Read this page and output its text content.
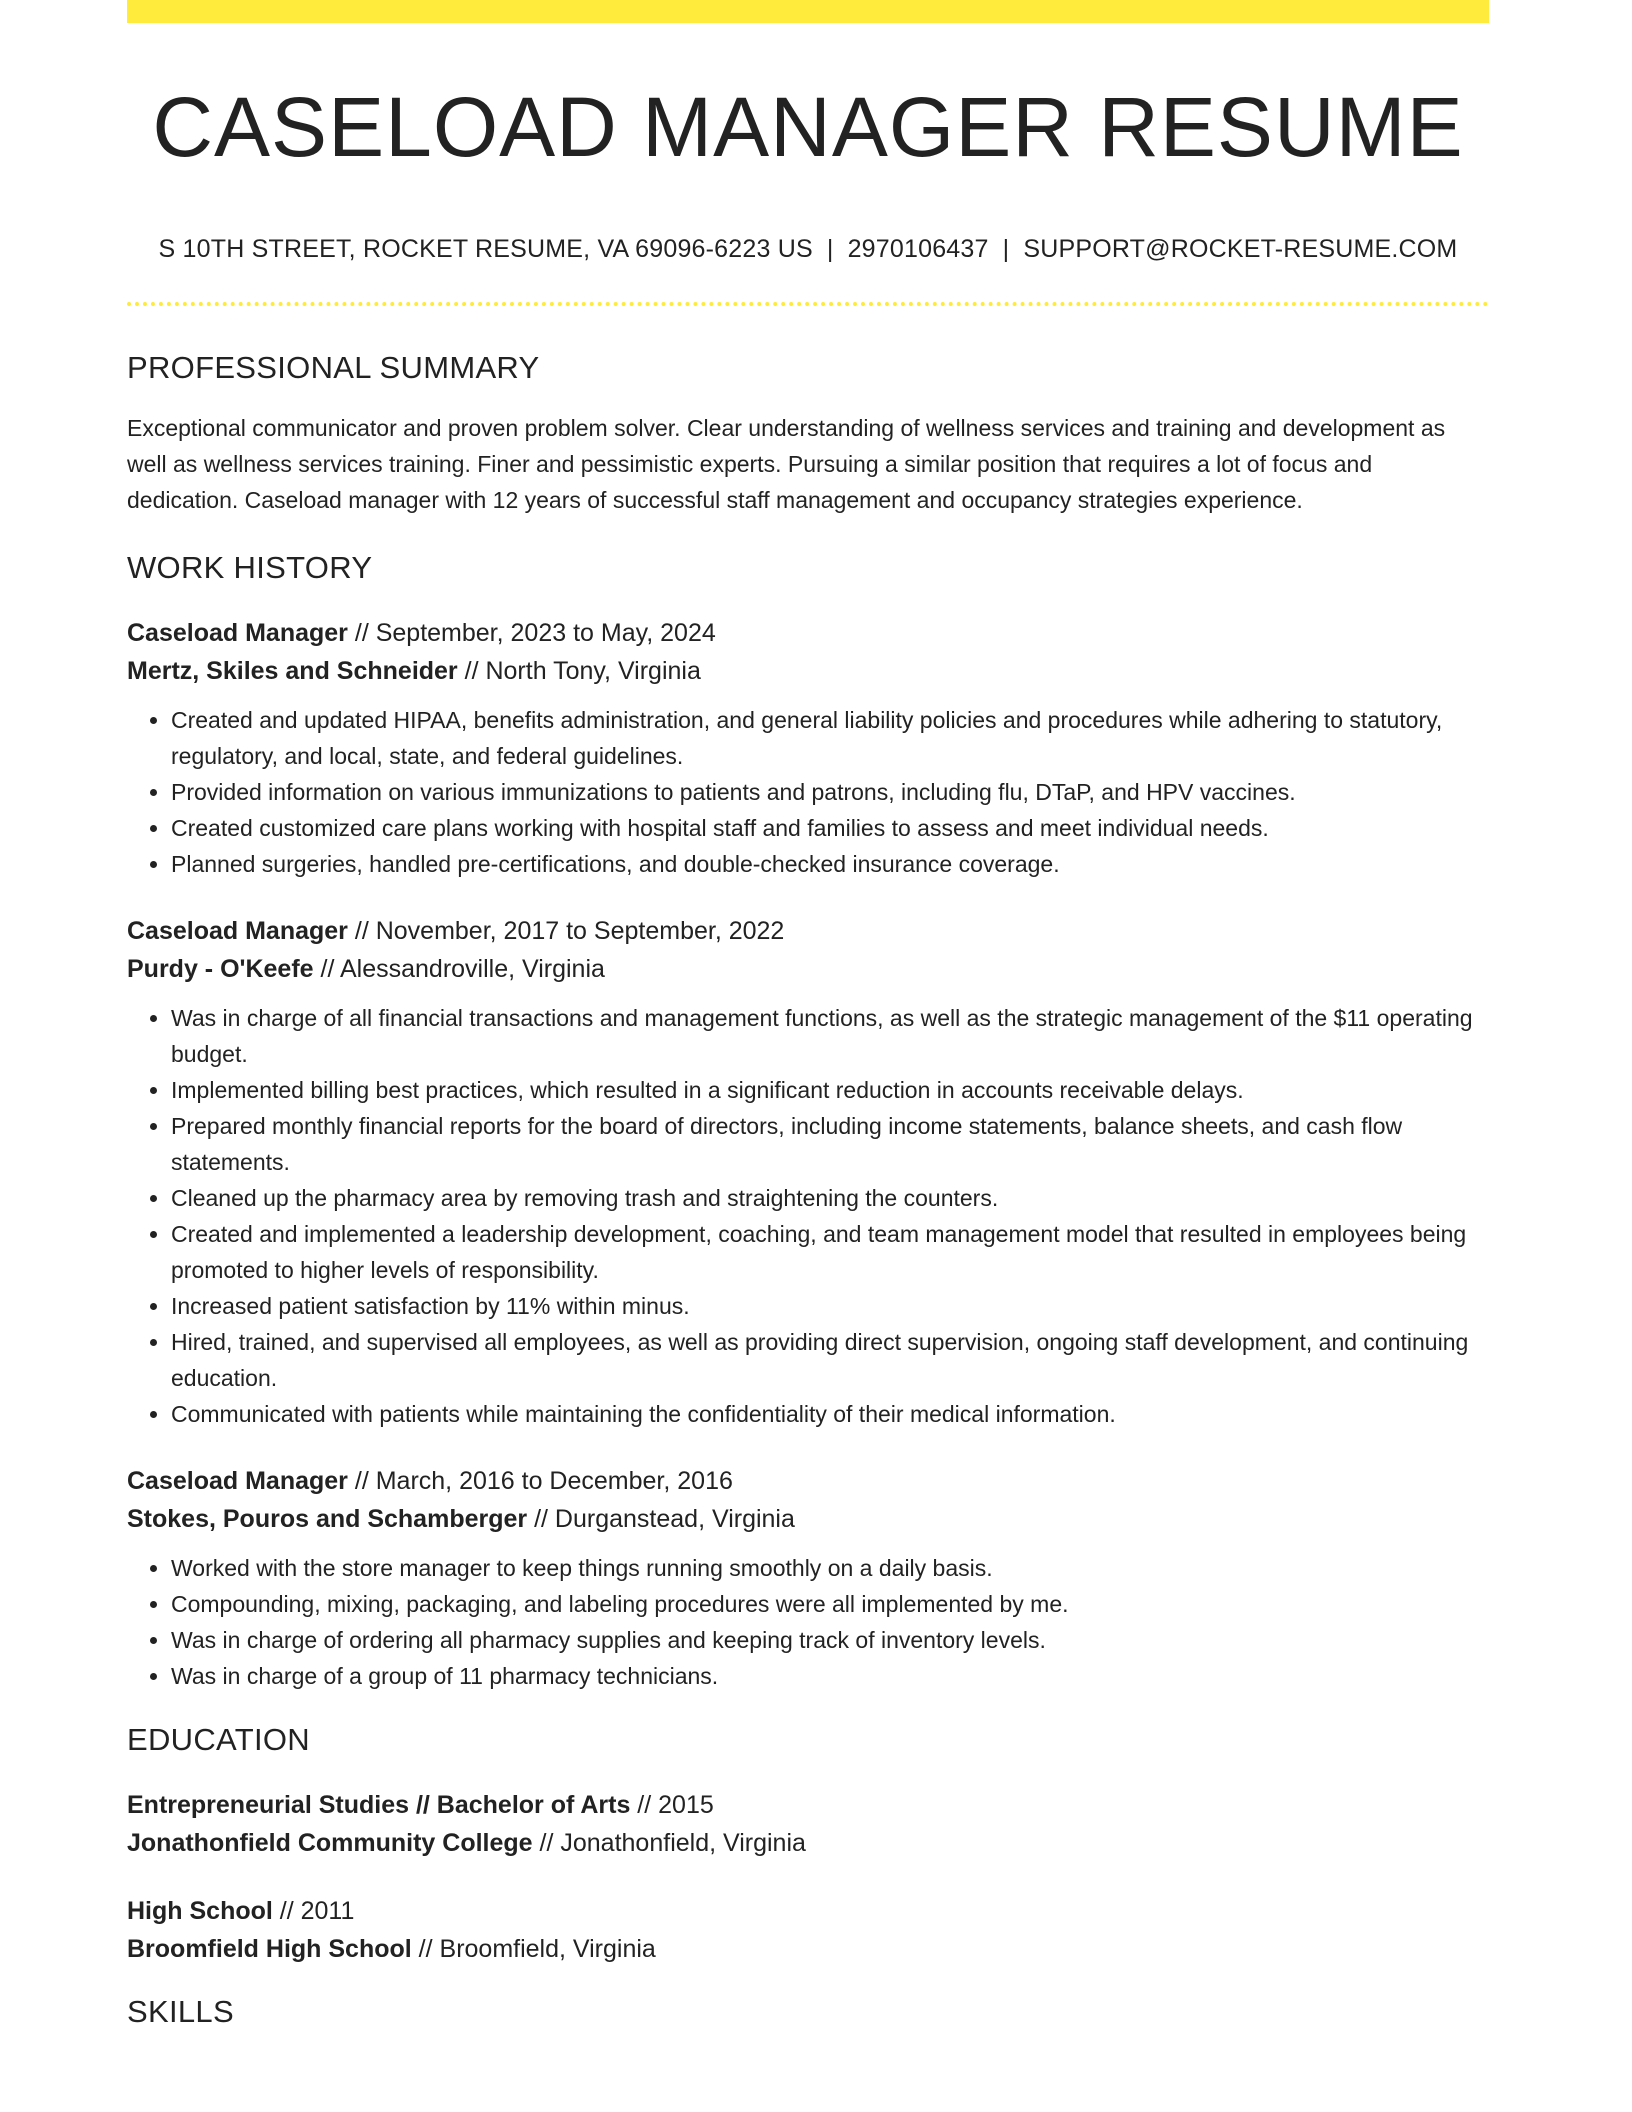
CASELOAD MANAGER RESUME
S 10TH STREET, ROCKET RESUME, VA 69096-6223 US | 2970106437 | SUPPORT@ROCKET-RESUME.COM
PROFESSIONAL SUMMARY
Exceptional communicator and proven problem solver. Clear understanding of wellness services and training and development as well as wellness services training. Finer and pessimistic experts. Pursuing a similar position that requires a lot of focus and dedication. Caseload manager with 12 years of successful staff management and occupancy strategies experience.
WORK HISTORY
Caseload Manager // September, 2023 to May, 2024
Mertz, Skiles and Schneider // North Tony, Virginia
• Created and updated HIPAA, benefits administration, and general liability policies and procedures while adhering to statutory, regulatory, and local, state, and federal guidelines.
• Provided information on various immunizations to patients and patrons, including flu, DTaP, and HPV vaccines.
• Created customized care plans working with hospital staff and families to assess and meet individual needs.
• Planned surgeries, handled pre-certifications, and double-checked insurance coverage.
Caseload Manager // November, 2017 to September, 2022
Purdy - O'Keefe // Alessandroville, Virginia
• Was in charge of all financial transactions and management functions, as well as the strategic management of the $11 operating budget.
• Implemented billing best practices, which resulted in a significant reduction in accounts receivable delays.
• Prepared monthly financial reports for the board of directors, including income statements, balance sheets, and cash flow statements.
• Cleaned up the pharmacy area by removing trash and straightening the counters.
• Created and implemented a leadership development, coaching, and team management model that resulted in employees being promoted to higher levels of responsibility.
• Increased patient satisfaction by 11% within minus.
• Hired, trained, and supervised all employees, as well as providing direct supervision, ongoing staff development, and continuing education.
• Communicated with patients while maintaining the confidentiality of their medical information.
Caseload Manager // March, 2016 to December, 2016
Stokes, Pouros and Schamberger // Durganstead, Virginia
• Worked with the store manager to keep things running smoothly on a daily basis.
• Compounding, mixing, packaging, and labeling procedures were all implemented by me.
• Was in charge of ordering all pharmacy supplies and keeping track of inventory levels.
• Was in charge of a group of 11 pharmacy technicians.
EDUCATION
Entrepreneurial Studies // Bachelor of Arts // 2015
Jonathonfield Community College // Jonathonfield, Virginia
High School // 2011
Broomfield High School // Broomfield, Virginia
SKILLS
